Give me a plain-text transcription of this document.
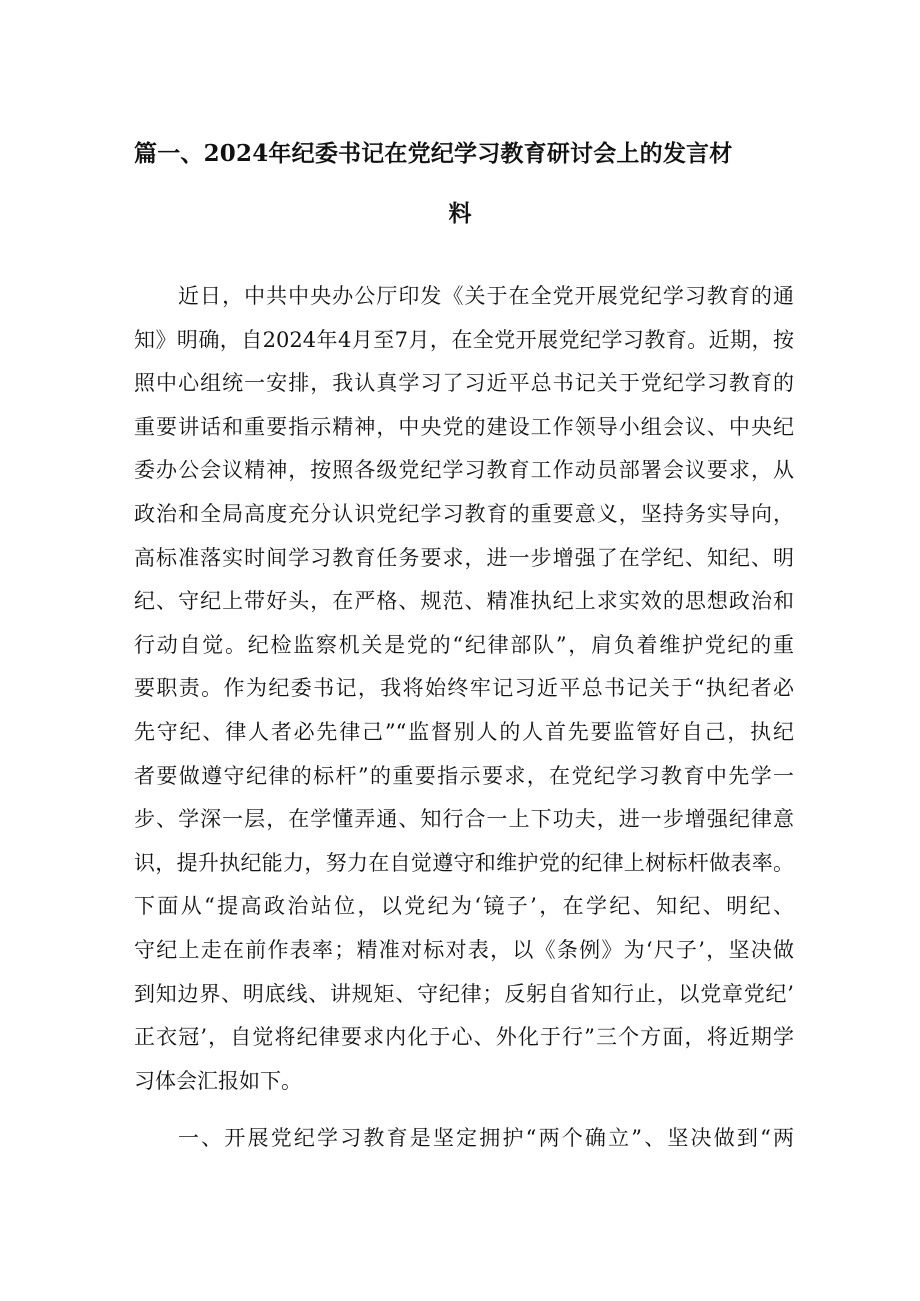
篇一、2024年纪委书记在党纪学习教育研讨会上的发言材
料
近日，中共中央办公厅印发《关于在全党开展党纪学习教育的通
知》明确，自2024年4月至7月，在全党开展党纪学习教育。近期，按
照中心组统一安排，我认真学习了习近平总书记关于党纪学习教育的
重要讲话和重要指示精神，中央党的建设工作领导小组会议、中央纪
委办公会议精神，按照各级党纪学习教育工作动员部署会议要求，从
政治和全局高度充分认识党纪学习教育的重要意义，坚持务实导向，
高标准落实时间学习教育任务要求，进一步增强了在学纪、知纪、明
纪、守纪上带好头，在严格、规范、精准执纪上求实效的思想政治和
行动自觉。纪检监察机关是党的“纪律部队”，肩负着维护党纪的重
要职责。作为纪委书记，我将始终牢记习近平总书记关于“执纪者必
先守纪、律人者必先律己”“监督别人的人首先要监管好自己，执纪
者要做遵守纪律的标杆”的重要指示要求，在党纪学习教育中先学一
步、学深一层，在学懂弄通、知行合一上下功夫，进一步增强纪律意
识，提升执纪能力，努力在自觉遵守和维护党的纪律上树标杆做表率。
下面从“提高政治站位，以党纪为‘镜子’，在学纪、知纪、明纪、
守纪上走在前作表率；精准对标对表，以《条例》为‘尺子’，坚决做
到知边界、明底线、讲规矩、守纪律；反躬自省知行止，以党章党纪’
正衣冠’，自觉将纪律要求内化于心、外化于行”三个方面，将近期学
习体会汇报如下。
一、开展党纪学习教育是坚定拥护“两个确立”、坚决做到“两
